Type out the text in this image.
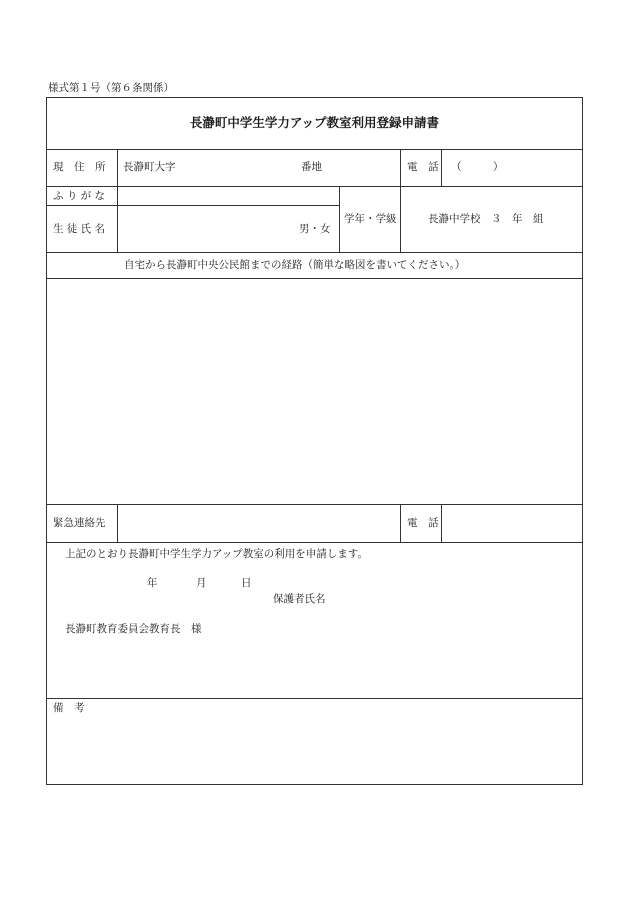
様式第１号（第６条関係）
長瀞町中学生学力アップ教室利用登録申請書
現　住　所 長瀞町大字	番地	電　話 （　　　）
ふ り が な
生 徒 氏 名	男・女
学年・学級	長瀞中学校　３　年　組
自宅から長瀞町中央公民館までの経路（簡単な略図を書いてください。）
緊急連絡先	電　話
上記のとおり長瀞町中学生学力アップ教室の利用を申請します。
年	月	日
保護者氏名
長瀞町教育委員会教育長　様
備　考
